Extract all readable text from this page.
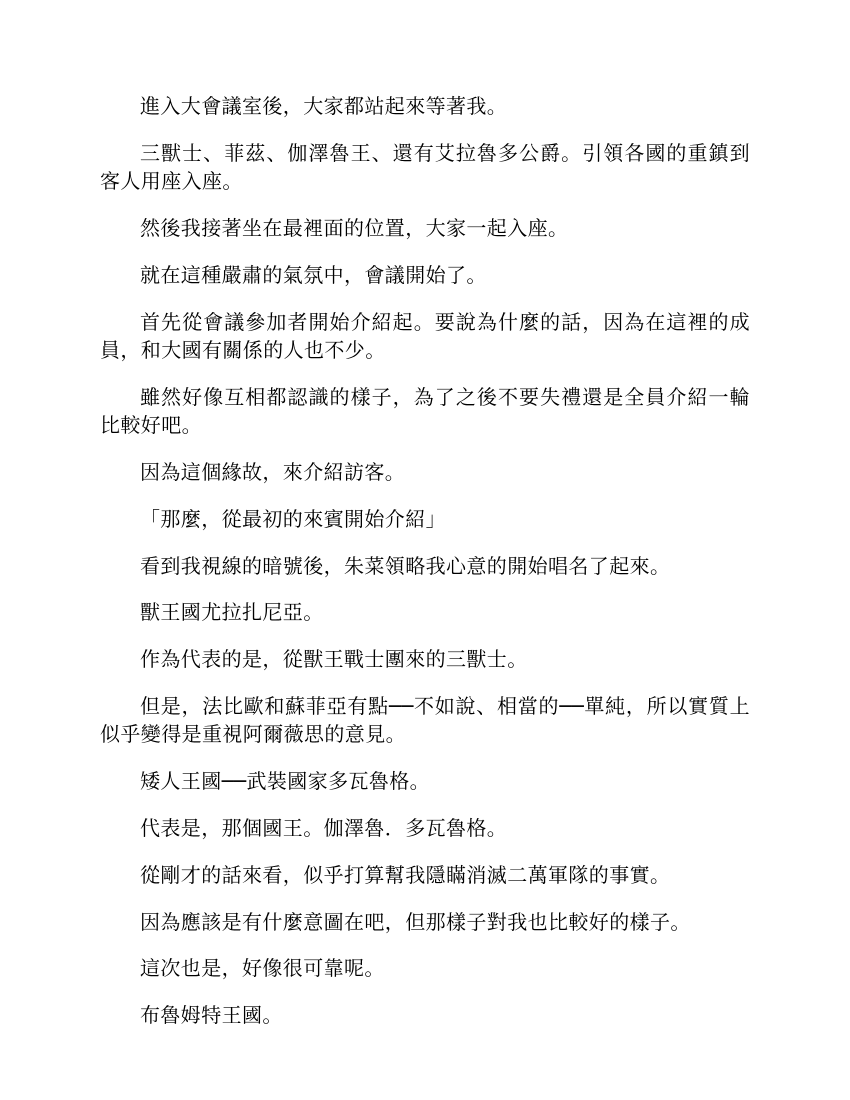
進入大會議室後，大家都站起來等著我。

三獸士、菲茲、伽澤魯王、還有艾拉魯多公爵。引領各國的重鎮到客人用座入座。

然後我接著坐在最裡面的位置，大家一起入座。

就在這種嚴肅的氣氛中，會議開始了。

首先從會議參加者開始介紹起。要說為什麼的話，因為在這裡的成員，和大國有關係的人也不少。

雖然好像互相都認識的樣子，為了之後不要失禮還是全員介紹一輪比較好吧。

因為這個緣故，來介紹訪客。

「那麼，從最初的來賓開始介紹」

看到我視線的暗號後，朱菜領略我心意的開始唱名了起來。

獸王國尤拉扎尼亞。

作為代表的是，從獸王戰士團來的三獸士。

但是，法比歐和蘇菲亞有點──不如說、相當的──單純，所以實質上似乎變得是重視阿爾薇思的意見。

矮人王國──武裝國家多瓦魯格。

代表是，那個國王。伽澤魯．多瓦魯格。

從剛才的話來看，似乎打算幫我隱瞞消滅二萬軍隊的事實。

因為應該是有什麼意圖在吧，但那樣子對我也比較好的樣子。

這次也是，好像很可靠呢。

布魯姆特王國。
